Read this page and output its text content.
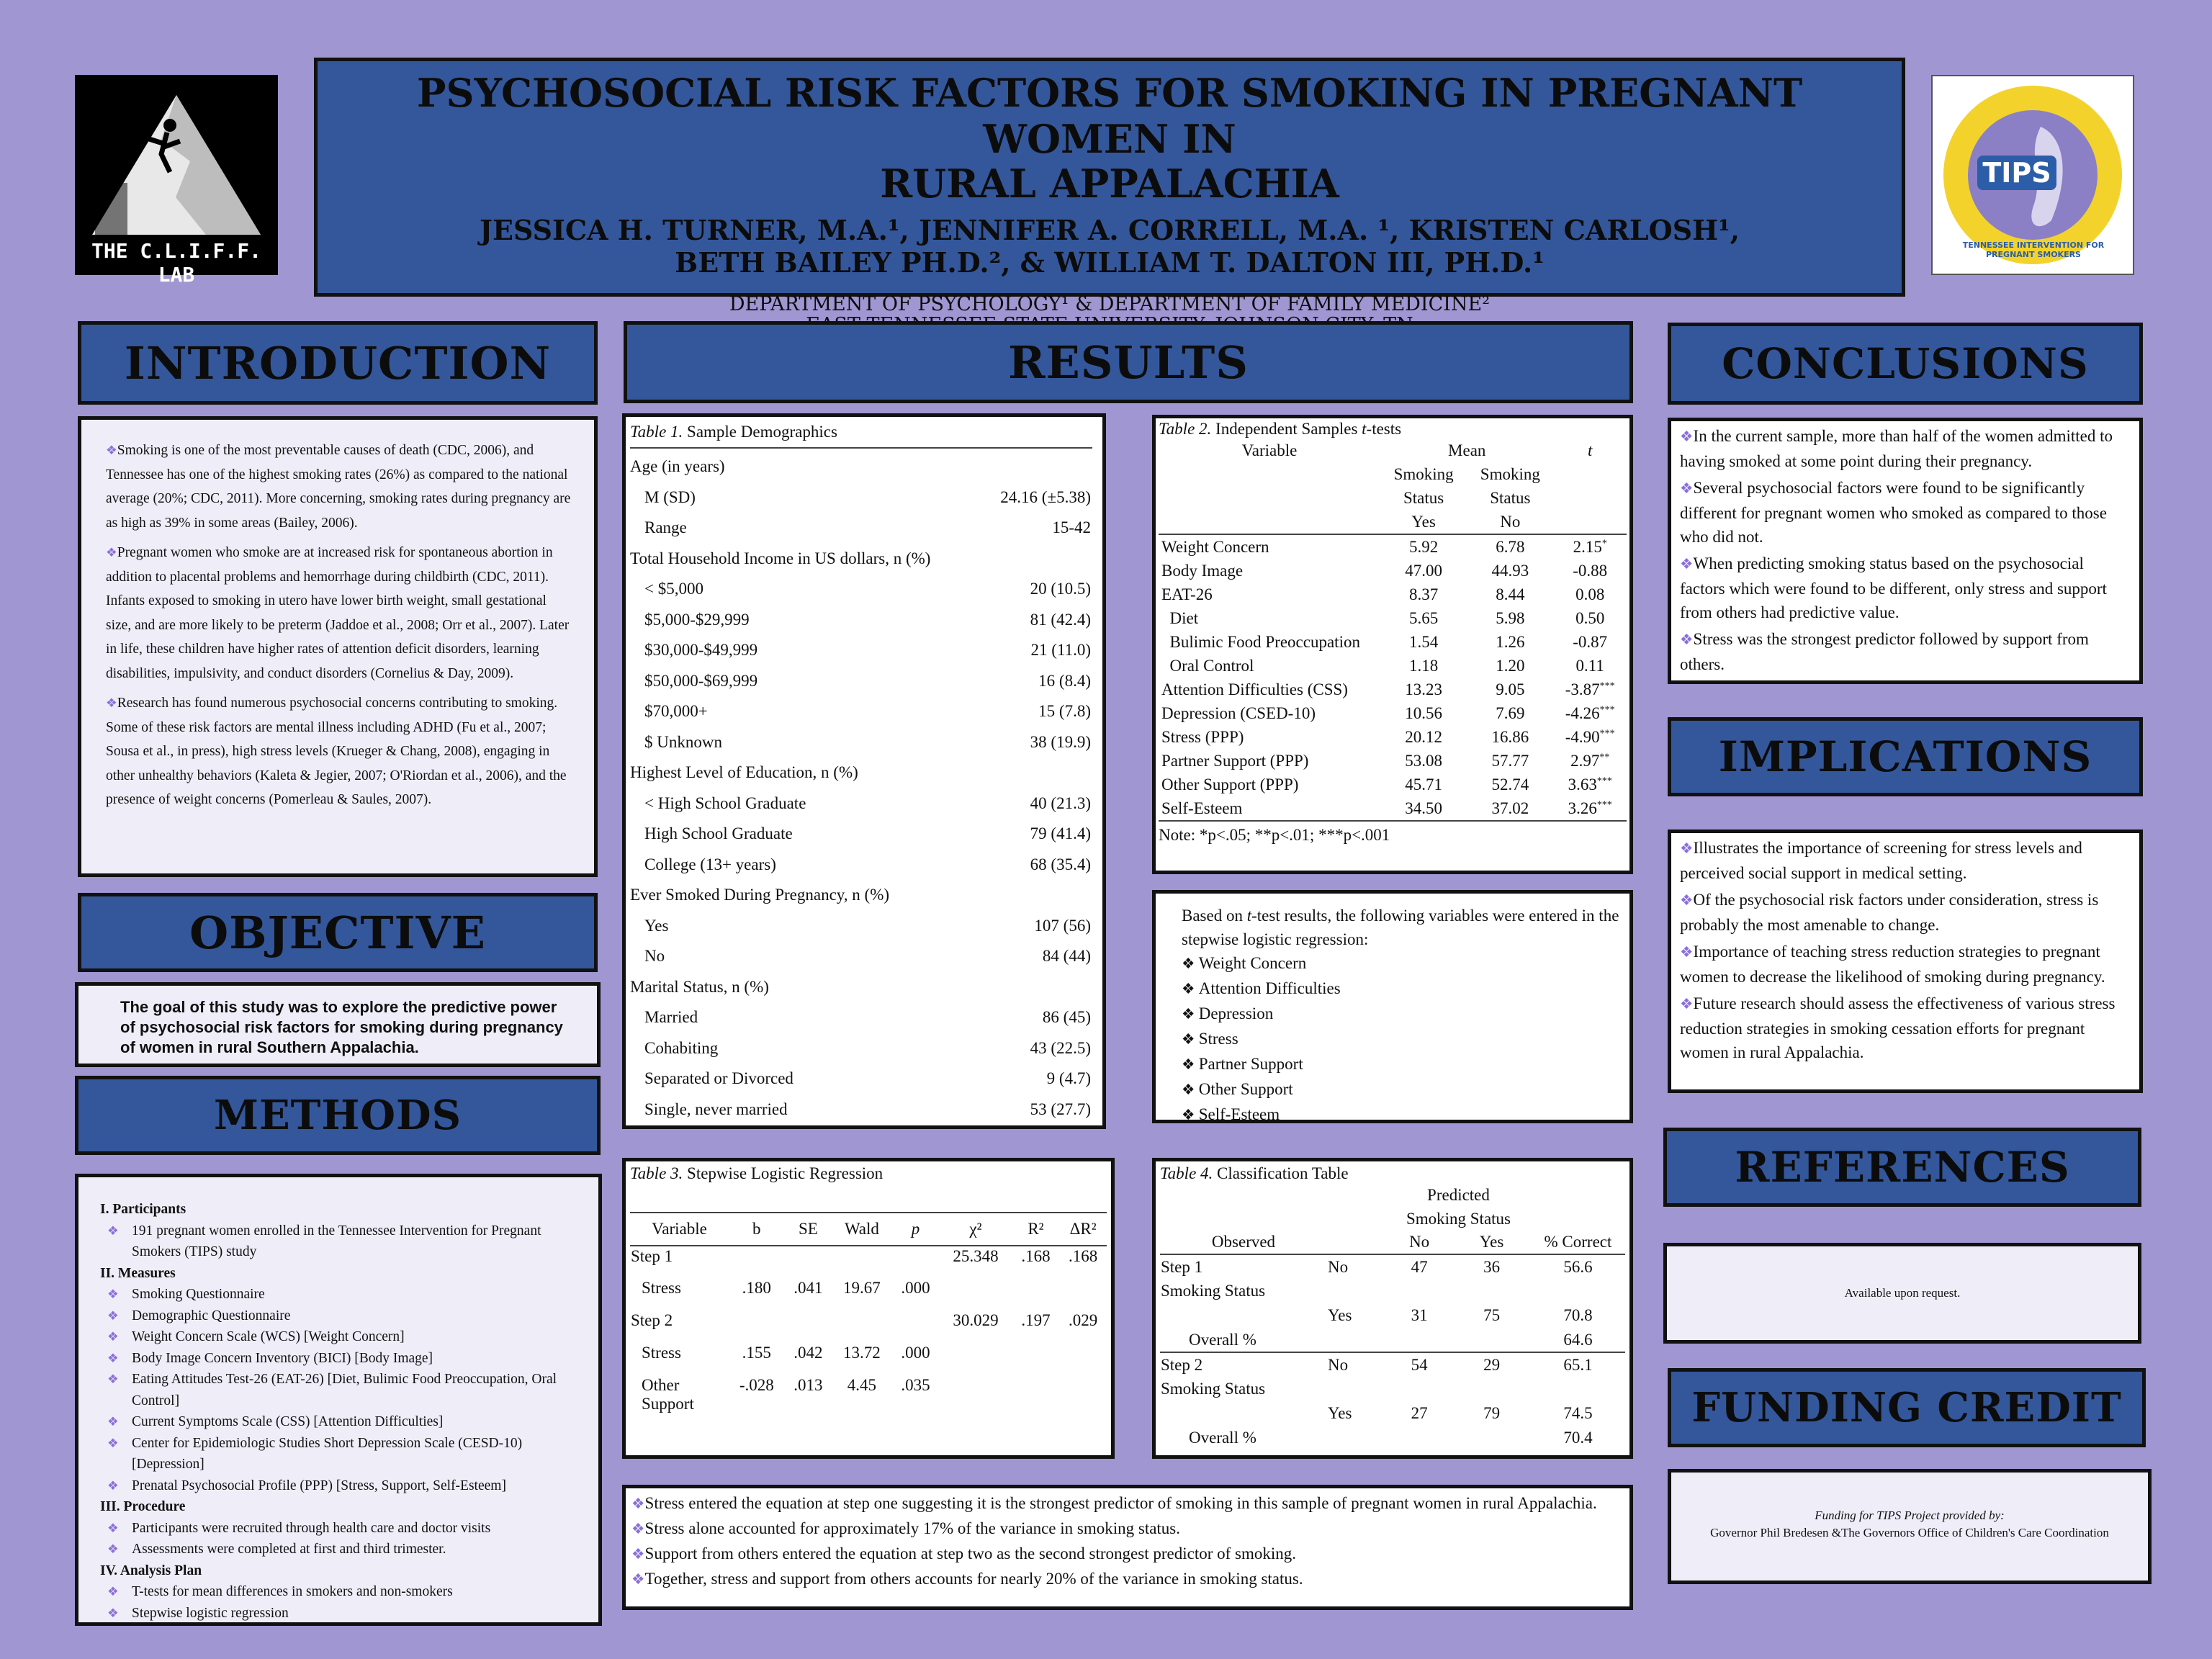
THE C.L.I.F.F. LAB
PSYCHOSOCIAL RISK FACTORS FOR SMOKING IN PREGNANT WOMEN IN
RURAL APPALACHIA
JESSICA H. TURNER, M.A.¹, JENNIFER A. CORRELL, M.A. ¹, KRISTEN CARLOSH¹,
BETH BAILEY PH.D.², & WILLIAM T. DALTON III, PH.D.¹
DEPARTMENT OF PSYCHOLOGY¹ & DEPARTMENT OF FAMILY MEDICINE²
TIPS
TENNESSEE INTERVENTION FOR PREGNANT SMOKERS
INTRODUCTION

❖Smoking is one of the most preventable causes of death (CDC, 2006), and Tennessee has one of the highest smoking rates (26%) as compared to the national average (20%; CDC, 2011). More concerning, smoking rates during pregnancy are as high as 39% in some areas (Bailey, 2006).

❖Pregnant women who smoke are at increased risk for spontaneous abortion in addition to placental problems and hemorrhage during childbirth (CDC, 2011). Infants exposed to smoking in utero have lower birth weight, small gestational size, and are more likely to be preterm (Jaddoe et al., 2008; Orr et al., 2007). Later in life, these children have higher rates of attention deficit disorders, learning disabilities, impulsivity, and conduct disorders (Cornelius & Day, 2009).

❖Research has found numerous psychosocial concerns contributing to smoking. Some of these risk factors are mental illness including ADHD (Fu et al., 2007; Sousa et al., in press), high stress levels (Krueger & Chang, 2008), engaging in other unhealthy behaviors (Kaleta & Jegier, 2007; O'Riordan et al., 2006), and the presence of weight concerns (Pomerleau & Saules, 2007).

OBJECTIVE

The goal of this study was to explore the predictive power of psychosocial risk factors for smoking during pregnancy of women in rural Southern Appalachia.

METHODS
I. Participants
❖ 191 pregnant women enrolled in the Tennessee Intervention for Pregnant Smokers (TIPS) study
II. Measures
❖ Smoking Questionnaire
❖ Demographic Questionnaire
❖ Weight Concern Scale (WCS) [Weight Concern]
❖ Body Image Concern Inventory (BICI) [Body Image]
❖ Eating Attitudes Test-26 (EAT-26) [Diet, Bulimic Food Preoccupation, Oral Control]
❖ Current Symptoms Scale (CSS) [Attention Difficulties]
❖ Center for Epidemiologic Studies Short Depression Scale (CESD-10) [Depression]
❖ Prenatal Psychosocial Profile (PPP) [Stress, Support, Self-Esteem]
III. Procedure
❖ Participants were recruited through health care and doctor visits
❖ Assessments were completed at first and third trimester.
IV. Analysis Plan
❖ T-tests for mean differences in smokers and non-smokers
❖ Stepwise logistic regression
RESULTS
Table 1. Sample Demographics
Age (in years)	
M (SD)	24.16 (±5.38)
Range	15-42
Total Household Income in US dollars, n (%)	
< $5,000	20 (10.5)
$5,000-$29,999	81 (42.4)
$30,000-$49,999	21 (11.0)
$50,000-$69,999	16 (8.4)
$70,000+	15 (7.8)
$ Unknown	38 (19.9)
Highest Level of Education, n (%)	
< High School Graduate	40 (21.3)
High School Graduate	79 (41.4)
College (13+ years)	68 (35.4)
Ever Smoked During Pregnancy, n (%)	
Yes	107 (56)
No	84 (44)
Marital Status, n (%)	
Married	86 (45)
Cohabiting	43 (22.5)
Separated or Divorced	9 (4.7)
Single, never married	53 (27.7)
Table 2. Independent Samples t-tests
Variable	Mean		t
	Smoking	Smoking	
	Status	Status	
	Yes	No	
Weight Concern	5.92	6.78	2.15*
Body Image	47.00	44.93	-0.88
EAT-26	8.37	8.44	0.08
Diet	5.65	5.98	0.50
Bulimic Food Preoccupation	1.54	1.26	-0.87
Oral Control	1.18	1.20	0.11
Attention Difficulties (CSS)	13.23	9.05	-3.87***
Depression (CSED-10)	10.56	7.69	-4.26***
Stress (PPP)	20.12	16.86	-4.90***
Partner Support (PPP)	53.08	57.77	2.97**
Other Support (PPP)	45.71	52.74	3.63***
Self-Esteem	34.50	37.02	3.26***
Note: *p<.05; **p<.01; ***p<.001

Based on t-test results, the following variables were entered in the stepwise logistic regression:

❖ Weight Concern

❖ Attention Difficulties

❖ Depression

❖ Stress

❖ Partner Support

❖ Other Support

❖ Self-Esteem

Table 3. Stepwise Logistic Regression
Variable	b	SE	Wald	p	χ²	R²	ΔR²
Step 1					25.348	.168	.168
Stress	.180	.041	19.67	.000			
Step 2					30.029	.197	.029
Stress	.155	.042	13.72	.000			
Other Support	-.028	.013	4.45	.035			
Table 4. Classification Table
		Predicted		
		Smoking Status		
Observed		No	Yes	% Correct
Step 1	No	47	36	56.6
Smoking Status				
	Yes	31	75	70.8
Overall %				64.6
Step 2	No	54	29	65.1
Smoking Status				
	Yes	27	79	74.5
Overall %				70.4

❖Stress entered the equation at step one suggesting it is the strongest predictor of smoking in this sample of pregnant women in rural Appalachia.

❖Stress alone accounted for approximately 17% of the variance in smoking status.

❖Support from others entered the equation at step two as the second strongest predictor of smoking.

❖Together, stress and support from others accounts for nearly 20% of the variance in smoking status.

CONCLUSIONS

❖In the current sample, more than half of the women admitted to having smoked at some point during their pregnancy.

❖Several psychosocial factors were found to be significantly different for pregnant women who smoked as compared to those who did not.

❖When predicting smoking status based on the psychosocial factors which were found to be different, only stress and support from others had predictive value.

❖Stress was the strongest predictor followed by support from others.

IMPLICATIONS

❖Illustrates the importance of screening for stress levels and perceived social support in medical setting.

❖Of the psychosocial risk factors under consideration, stress is probably the most amenable to change.

❖Importance of teaching stress reduction strategies to pregnant women to decrease the likelihood of smoking during pregnancy.

❖Future research should assess the effectiveness of various stress reduction strategies in smoking cessation efforts for pregnant women in rural Appalachia.

REFERENCES
Available upon request.
FUNDING CREDIT
Funding for TIPS Project provided by:
Governor Phil Bredesen &The Governors Office of Children's Care Coordination
